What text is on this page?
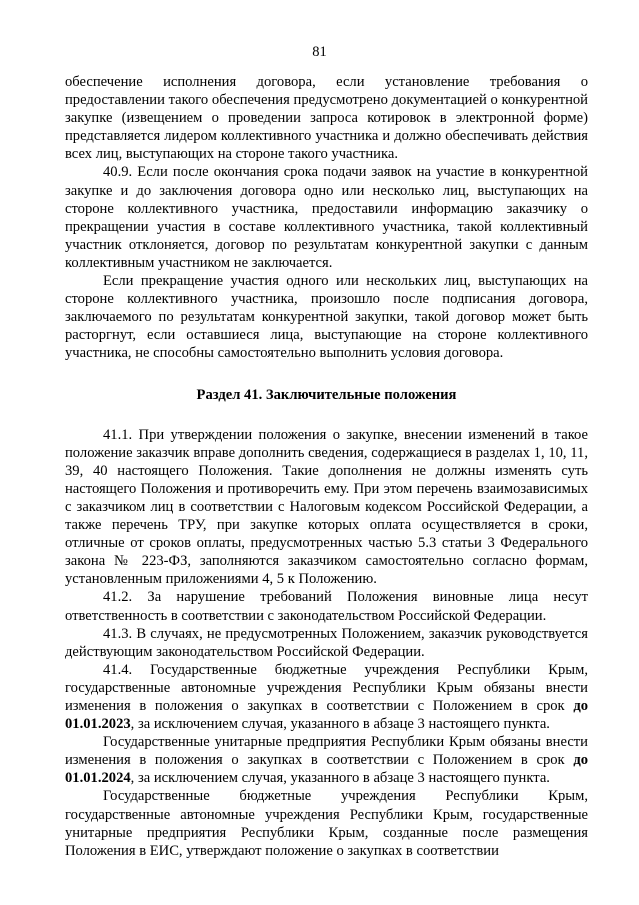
81

обеспечение исполнения договора, если установление требования о предоставлении такого обеспечения предусмотрено документацией о конкурентной закупке (извещением о проведении запроса котировок в электронной форме) представляется лидером коллективного участника и должно обеспечивать действия всех лиц, выступающих на стороне такого участника.

40.9. Если после окончания срока подачи заявок на участие в конкурентной закупке и до заключения договора одно или несколько лиц, выступающих на стороне коллективного участника, предоставили информацию заказчику о прекращении участия в составе коллективного участника, такой коллективный участник отклоняется, договор по результатам конкурентной закупки с данным коллективным участником не заключается.

Если прекращение участия одного или нескольких лиц, выступающих на стороне коллективного участника, произошло после подписания договора, заключаемого по результатам конкурентной закупки, такой договор может быть расторгнут, если оставшиеся лица, выступающие на стороне коллективного участника, не способны самостоятельно выполнить условия договора.

Раздел 41. Заключительные положения

41.1. При утверждении положения о закупке, внесении изменений в такое положение заказчик вправе дополнить сведения, содержащиеся в разделах 1, 10, 11, 39, 40 настоящего Положения. Такие дополнения не должны изменять суть настоящего Положения и противоречить ему. При этом перечень взаимозависимых с заказчиком лиц в соответствии с Налоговым кодексом Российской Федерации, а также перечень ТРУ, при закупке которых оплата осуществляется в сроки, отличные от сроков оплаты, предусмотренных частью 5.3 статьи 3 Федерального закона № 223-ФЗ, заполняются заказчиком самостоятельно согласно формам, установленным приложениями 4, 5 к Положению.

41.2. За нарушение требований Положения виновные лица несут ответственность в соответствии с законодательством Российской Федерации.

41.3. В случаях, не предусмотренных Положением, заказчик руководствуется действующим законодательством Российской Федерации.

41.4. Государственные бюджетные учреждения Республики Крым, государственные автономные учреждения Республики Крым обязаны внести изменения в положения о закупках в соответствии с Положением в срок до 01.01.2023, за исключением случая, указанного в абзаце 3 настоящего пункта.

Государственные унитарные предприятия Республики Крым обязаны внести изменения в положения о закупках в соответствии с Положением в срок до 01.01.2024, за исключением случая, указанного в абзаце 3 настоящего пункта.

Государственные бюджетные учреждения Республики Крым, государственные автономные учреждения Республики Крым, государственные унитарные предприятия Республики Крым, созданные после размещения Положения в ЕИС, утверждают положение о закупках в соответствии
